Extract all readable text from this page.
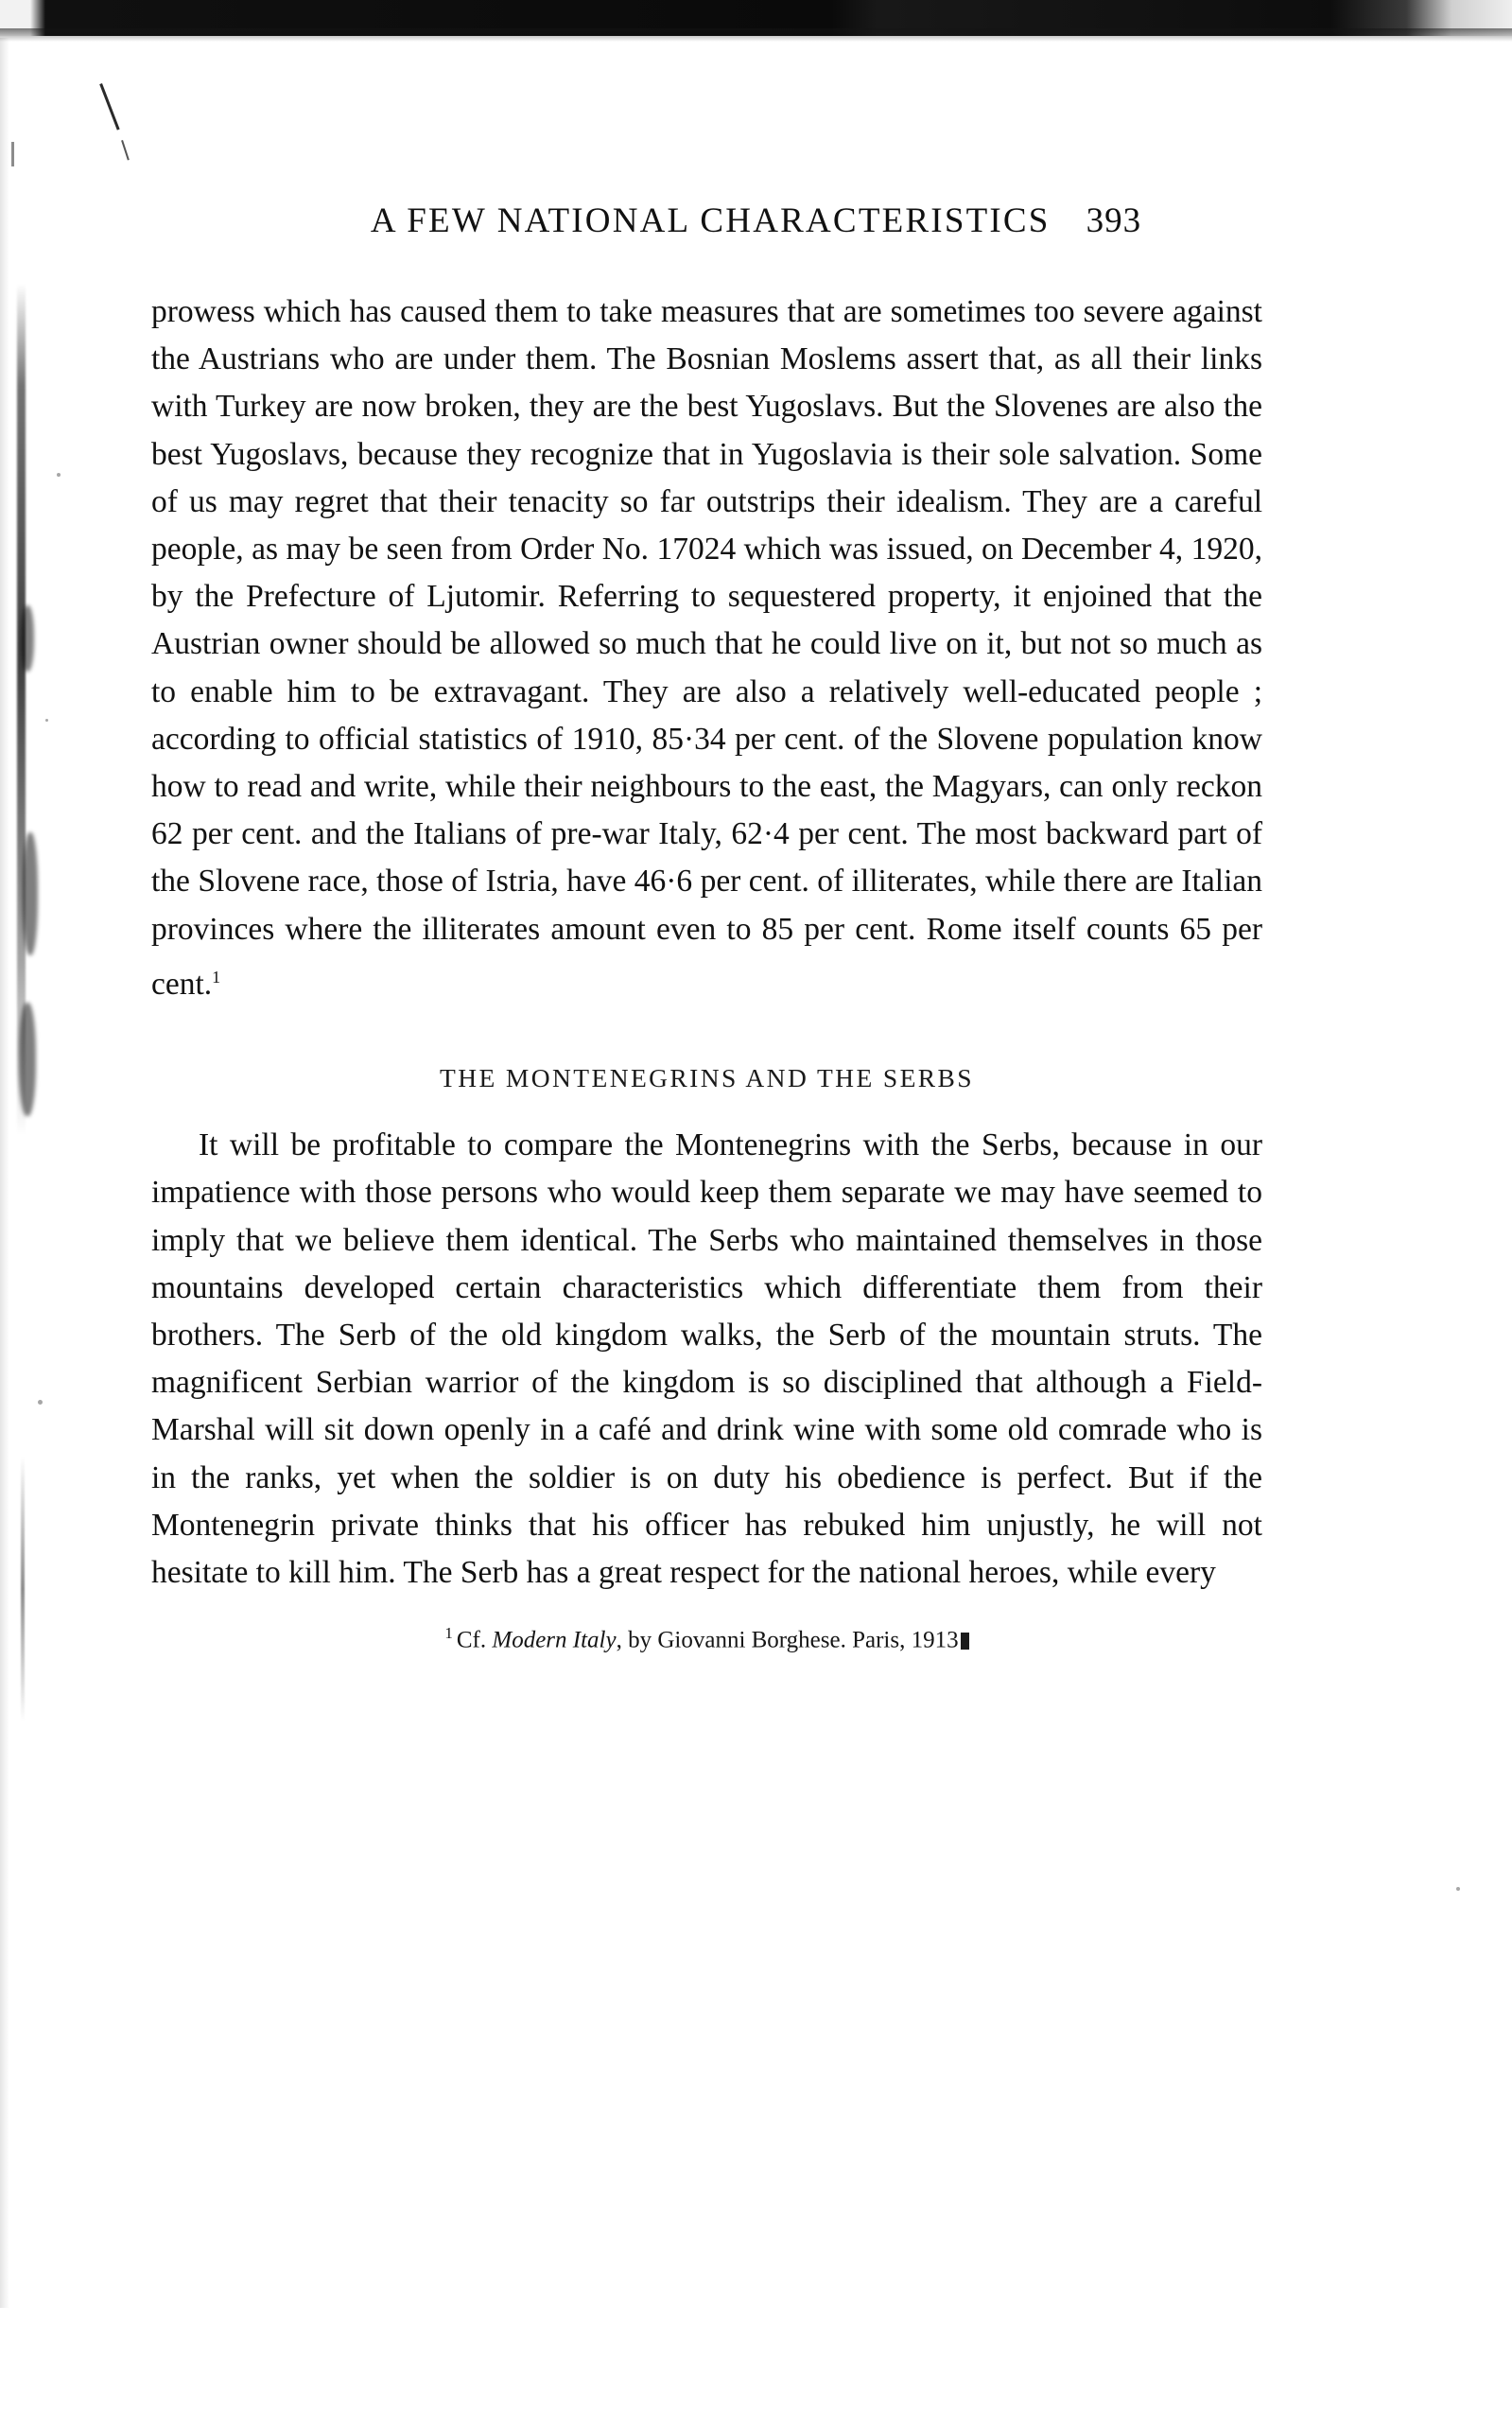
A FEW NATIONAL CHARACTERISTICS 393

prowess which has caused them to take measures that are sometimes too severe against the Austrians who are under them. The Bosnian Moslems assert that, as all their links with Turkey are now broken, they are the best Yugoslavs. But the Slovenes are also the best Yugoslavs, because they recognize that in Yugoslavia is their sole salvation. Some of us may regret that their tenacity so far outstrips their idealism. They are a careful people, as may be seen from Order No. 17024 which was issued, on December 4, 1920, by the Prefecture of Ljutomir. Referring to sequestered property, it enjoined that the Austrian owner should be allowed so much that he could live on it, but not so much as to enable him to be extravagant. They are also a relatively well-educated people ; according to official statistics of 1910, 85·34 per cent. of the Slovene population know how to read and write, while their neighbours to the east, the Magyars, can only reckon 62 per cent. and the Italians of pre-war Italy, 62·4 per cent. The most backward part of the Slovene race, those of Istria, have 46·6 per cent. of illiterates, while there are Italian provinces where the illiterates amount even to 85 per cent. Rome itself counts 65 per cent.$^1$

THE MONTENEGRINS AND THE SERBS

It will be profitable to compare the Montenegrins with the Serbs, because in our impatience with those persons who would keep them separate we may have seemed to imply that we believe them identical. The Serbs who maintained themselves in those mountains developed certain characteristics which differentiate them from their brothers. The Serb of the old kingdom walks, the Serb of the mountain struts. The magnificent Serbian warrior of the kingdom is so disciplined that although a Field-Marshal will sit down openly in a café and drink wine with some old comrade who is in the ranks, yet when the soldier is on duty his obedience is perfect. But if the Montenegrin private thinks that his officer has rebuked him unjustly, he will not hesitate to kill him. The Serb has a great respect for the national heroes, while every

$^1$ Cf. Modern Italy, by Giovanni Borghese. Paris, 1913
